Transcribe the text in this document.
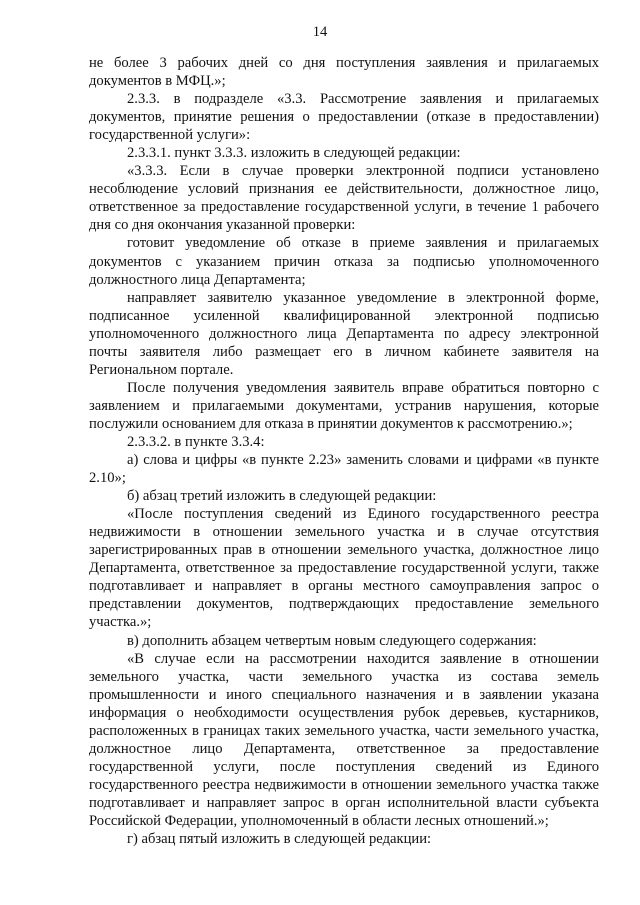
14

не более 3 рабочих дней со дня поступления заявления и прилагаемых документов в МФЦ.»;

2.3.3. в подразделе «3.3. Рассмотрение заявления и прилагаемых документов, принятие решения о предоставлении (отказе в предоставлении) государственной услуги»:

2.3.3.1. пункт 3.3.3. изложить в следующей редакции:

«3.3.3. Если в случае проверки электронной подписи установлено несоблюдение условий признания ее действительности, должностное лицо, ответственное за предоставление государственной услуги, в течение 1 рабочего дня со дня окончания указанной проверки:

готовит уведомление об отказе в приеме заявления и прилагаемых документов с указанием причин отказа за подписью уполномоченного должностного лица Департамента;

направляет заявителю указанное уведомление в электронной форме, подписанное усиленной квалифицированной электронной подписью уполномоченного должностного лица Департамента по адресу электронной почты заявителя либо размещает его в личном кабинете заявителя на Региональном портале.

После получения уведомления заявитель вправе обратиться повторно с заявлением и прилагаемыми документами, устранив нарушения, которые послужили основанием для отказа в принятии документов к рассмотрению.»;

2.3.3.2. в пункте 3.3.4:

а) слова и цифры «в пункте 2.23» заменить словами и цифрами «в пункте 2.10»;

б) абзац третий изложить в следующей редакции:

«После поступления сведений из Единого государственного реестра недвижимости в отношении земельного участка и в случае отсутствия зарегистрированных прав в отношении земельного участка, должностное лицо Департамента, ответственное за предоставление государственной услуги, также подготавливает и направляет в органы местного самоуправления запрос о представлении документов, подтверждающих предоставление земельного участка.»;

в) дополнить абзацем четвертым новым следующего содержания:

«В случае если на рассмотрении находится заявление в отношении земельного участка, части земельного участка из состава земель промышленности и иного специального назначения и в заявлении указана информация о необходимости осуществления рубок деревьев, кустарников, расположенных в границах таких земельного участка, части земельного участка, должностное лицо Департамента, ответственное за предоставление государственной услуги, после поступления сведений из Единого государственного реестра недвижимости в отношении земельного участка также подготавливает и направляет запрос в орган исполнительной власти субъекта Российской Федерации, уполномоченный в области лесных отношений.»;

г) абзац пятый изложить в следующей редакции:
